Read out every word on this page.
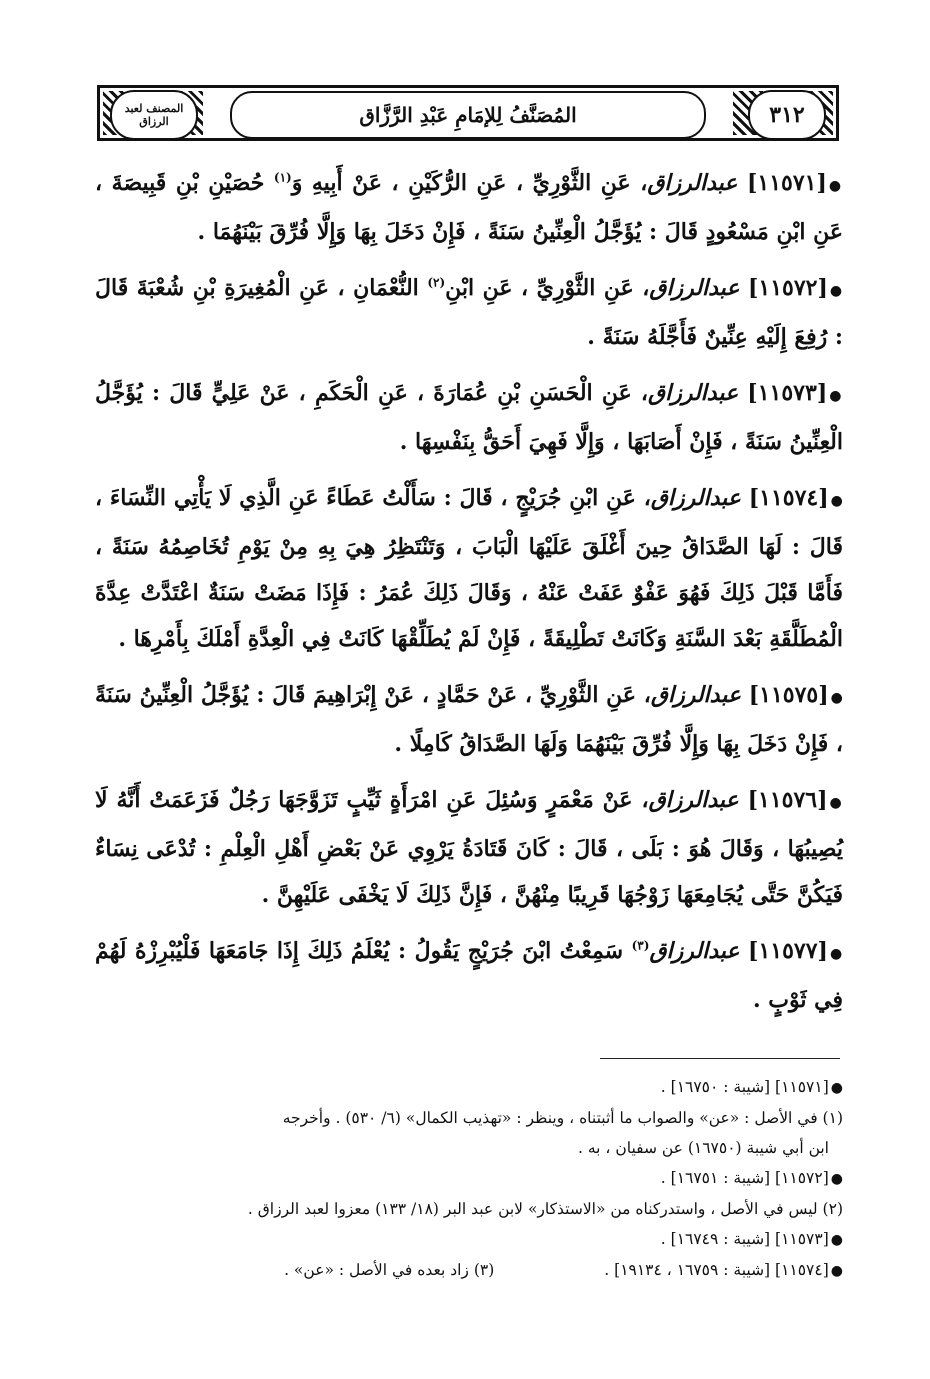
المُصَنَّفُ لِلإمَامِ عَبْدِ الرَّزَّاق	٣١٢
المصنف لعبد الرزاق
●[١١٥٧١] عبدالرزاق، عَنِ الثَّوْرِيِّ ، عَنِ الرُّكَيْنِ ، عَنْ أَبِيهِ وَ$^{(١)}$ حُصَيْنِ بْنِ قَبِيصَةَ ، عَنِ ابْنِ مَسْعُودٍ قَالَ : يُؤَجَّلُ الْعِنِّينُ سَنَةً ، فَإِنْ دَخَلَ بِهَا وَإِلَّا فُرِّقَ بَيْنَهُمَا .
●[١١٥٧٢] عبدالرزاق، عَنِ الثَّوْرِيِّ ، عَنِ ابْنِ$^{(٢)}$ النُّعْمَانِ ، عَنِ الْمُغِيرَةِ بْنِ شُعْبَةَ قَالَ : رُفِعَ إِلَيْهِ عِنِّينٌ فَأَجَّلَهُ سَنَةً .
●[١١٥٧٣] عبدالرزاق، عَنِ الْحَسَنِ بْنِ عُمَارَةَ ، عَنِ الْحَكَمِ ، عَنْ عَلِيٍّ قَالَ : يُؤَجَّلُ الْعِنِّينُ سَنَةً ، فَإِنْ أَصَابَهَا ، وَإِلَّا فَهِيَ أَحَقُّ بِنَفْسِهَا .
●[١١٥٧٤] عبدالرزاق، عَنِ ابْنِ جُرَيْجٍ ، قَالَ : سَأَلْتُ عَطَاءً عَنِ الَّذِي لَا يَأْتِي النِّسَاءَ ، قَالَ : لَهَا الصَّدَاقُ حِينَ أَغْلَقَ عَلَيْهَا الْبَابَ ، وَتَنْتَظِرُ هِيَ بِهِ مِنْ يَوْمِ تُخَاصِمُهُ سَنَةً ، فَأَمَّا قَبْلَ ذَلِكَ فَهُوَ عَفْوٌ عَفَتْ عَنْهُ ، وَقَالَ ذَلِكَ عُمَرُ : فَإِذَا مَضَتْ سَنَةٌ اعْتَدَّتْ عِدَّةَ الْمُطَلَّقَةِ بَعْدَ السَّنَةِ وَكَانَتْ تَطْلِيقَةً ، فَإِنْ لَمْ يُطَلِّقْهَا كَانَتْ فِي الْعِدَّةِ أَمْلَكَ بِأَمْرِهَا .
●[١١٥٧٥] عبدالرزاق، عَنِ الثَّوْرِيِّ ، عَنْ حَمَّادٍ ، عَنْ إِبْرَاهِيمَ قَالَ : يُؤَجَّلُ الْعِنِّينُ سَنَةً ، فَإِنْ دَخَلَ بِهَا وَإِلَّا فُرِّقَ بَيْنَهُمَا وَلَهَا الصَّدَاقُ كَامِلًا .
●[١١٥٧٦] عبدالرزاق، عَنْ مَعْمَرٍ وَسُئِلَ عَنِ امْرَأَةٍ ثَيِّبٍ تَزَوَّجَهَا رَجُلٌ فَزَعَمَتْ أَنَّهُ لَا يُصِيبُهَا ، وَقَالَ هُوَ : بَلَى ، قَالَ : كَانَ قَتَادَةُ يَرْوِي عَنْ بَعْضِ أَهْلِ الْعِلْمِ : تُدْعَى نِسَاءٌ فَيَكُنَّ حَتَّى يُجَامِعَهَا زَوْجُهَا قَرِيبًا مِنْهُنَّ ، فَإِنَّ ذَلِكَ لَا يَخْفَى عَلَيْهِنَّ .
●[١١٥٧٧] عبدالرزاق$^{(٣)}$ سَمِعْتُ ابْنَ جُرَيْجٍ يَقُولُ : يُعْلَمُ ذَلِكَ إِذَا جَامَعَهَا فَلْيُبْرِزْهُ لَهُمْ فِي ثَوْبٍ .
●[١١٥٧١] [شيبة : ١٦٧٥٠] .
(١) في الأصل : «عن» والصواب ما أثبتناه ، وينظر : «تهذيب الكمال» (٦/ ٥٣٠) . وأخرجه
ابن أبي شيبة (١٦٧٥٠) عن سفيان ، به .
●[١١٥٧٢] [شيبة : ١٦٧٥١] .
(٢) ليس في الأصل ، واستدركناه من «الاستذكار» لابن عبد البر (١٨/ ١٣٣) معزوا لعبد الرزاق .
●[١١٥٧٣] [شيبة : ١٦٧٤٩] .
●[١١٥٧٤] [شيبة : ١٦٧٥٩ ، ١٩١٣٤] .
(٣) زاد بعده في الأصل : «عن» .
